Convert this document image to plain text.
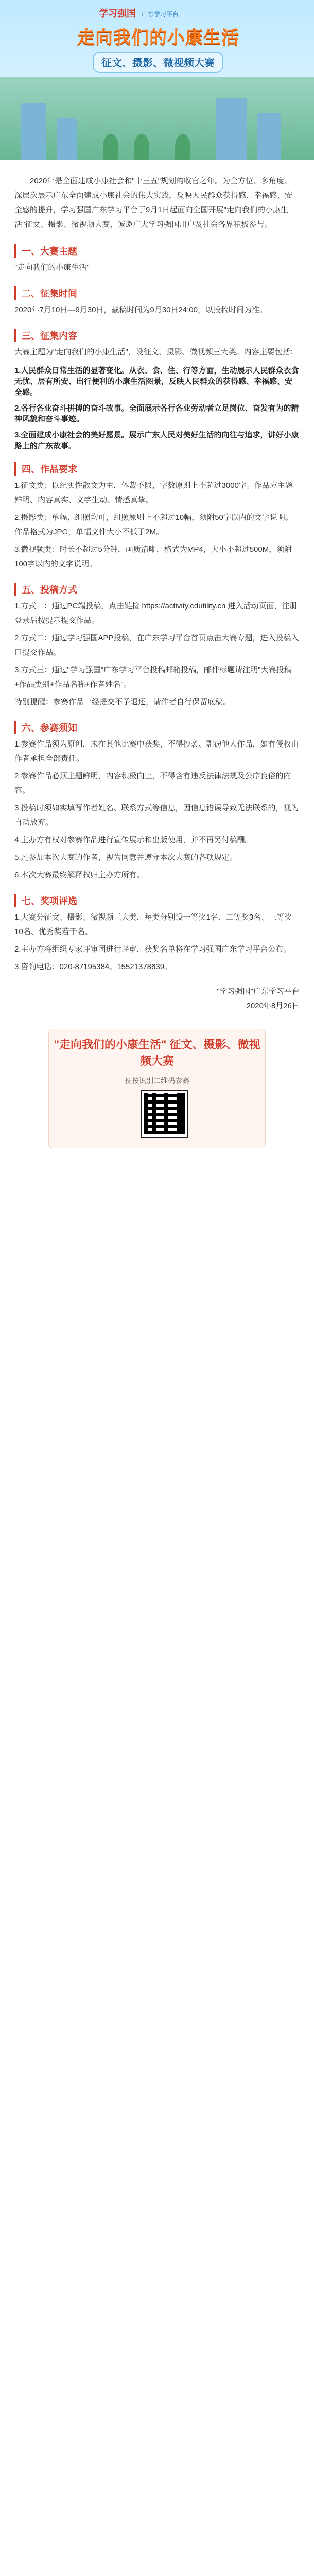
学习强国 广东学习平台
走向我们的小康生活
征文、摄影、微视频大赛

2020年是全面建成小康社会和"十三五"规划的收官之年。为全方位、多角度、深层次展示广东全面建成小康社会的伟大实践，反映人民群众获得感、幸福感、安全感的提升，学习强国广东学习平台于9月1日起面向全国开展"走向我们的小康生活"征文、摄影、微视频大赛，诚邀广大学习强国用户及社会各界积极参与。

一、大赛主题

"走向我们的小康生活"

二、征集时间

2020年7月10日—9月30日，截稿时间为9月30日24:00，以投稿时间为准。

三、征集内容

大赛主题为"走向我们的小康生活"，设征文、摄影、微视频三大类。内容主要包括：

1.人民群众日常生活的显著变化。从衣、食、住、行等方面，生动展示人民群众衣食无忧、居有所安、出行便利的小康生活图景，反映人民群众的获得感、幸福感、安全感。

2.各行各业奋斗拼搏的奋斗故事。全面展示各行各业劳动者立足岗位、奋发有为的精神风貌和奋斗事迹。

3.全面建成小康社会的美好愿景。展示广东人民对美好生活的向往与追求，讲好小康路上的广东故事。

四、作品要求

1.征文类：以纪实性散文为主，体裁不限，字数原则上不超过3000字。作品应主题鲜明、内容真实、文字生动、情感真挚。

2.摄影类：单幅、组照均可，组照原则上不超过10幅，须附50字以内的文字说明。作品格式为JPG，单幅文件大小不低于2M。

3.微视频类：时长不超过5分钟，画质清晰，格式为MP4，大小不超过500M，须附100字以内的文字说明。

五、投稿方式

1.方式一：通过PC端投稿，点击链接 https://activity.cdutility.cn 进入活动页面，注册登录后按提示提交作品。

2.方式二：通过学习强国APP投稿，在广东学习平台首页点击大赛专题，进入投稿入口提交作品。

3.方式三：通过"学习强国"广东学习平台投稿邮箱投稿，邮件标题请注明"大赛投稿+作品类别+作品名称+作者姓名"。

特别提醒：参赛作品一经提交不予退还，请作者自行保留底稿。

六、参赛须知

1.参赛作品须为原创，未在其他比赛中获奖，不得抄袭、剽窃他人作品，如有侵权由作者承担全部责任。

2.参赛作品必须主题鲜明，内容积极向上，不得含有违反法律法规及公序良俗的内容。

3.投稿时须如实填写作者姓名、联系方式等信息，因信息错误导致无法联系的，视为自动放弃。

4.主办方有权对参赛作品进行宣传展示和出版使用，并不再另付稿酬。

5.凡参加本次大赛的作者，视为同意并遵守本次大赛的各项规定。

6.本次大赛最终解释权归主办方所有。

七、奖项评选

1.大赛分征文、摄影、微视频三大类，每类分别设一等奖1名、二等奖3名、三等奖10名、优秀奖若干名。

2.主办方将组织专家评审团进行评审，获奖名单将在学习强国广东学习平台公布。

3.咨询电话：020-87195384、15521378639。

"学习强国"广东学习平台
2020年8月26日
"走向我们的小康生活" 征文、摄影、微视频大赛
长按识别二维码参赛
